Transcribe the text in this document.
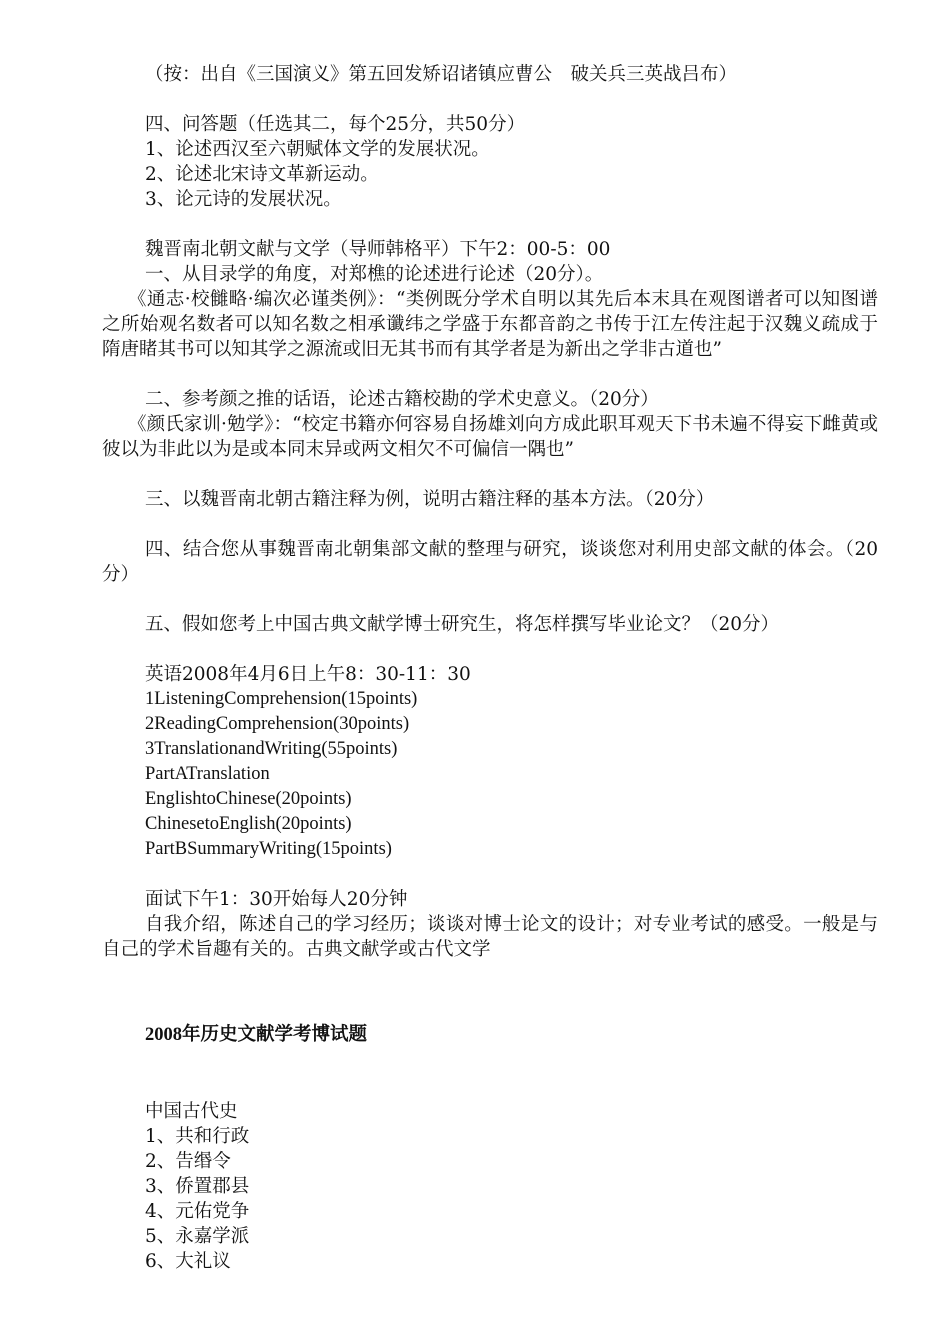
（按：出自《三国演义》第五回发矫诏诸镇应曹公　破关兵三英战吕布）
四、问答题（任选其二，每个25分，共50分）
1、论述西汉至六朝赋体文学的发展状况。
2、论述北宋诗文革新运动。
3、论元诗的发展状况。
魏晋南北朝文献与文学（导师韩格平）下午2：00-5：00
一、从目录学的角度，对郑樵的论述进行论述（20分）。
《通志·校雠略·编次必谨类例》：“类例既分学术自明以其先后本末具在观图谱者可以知图谱之所始观名数者可以知名数之相承谶纬之学盛于东都音韵之书传于江左传注起于汉魏义疏成于隋唐睹其书可以知其学之源流或旧无其书而有其学者是为新出之学非古道也”
二、参考颜之推的话语，论述古籍校勘的学术史意义。（20分）
《颜氏家训·勉学》：“校定书籍亦何容易自扬雄刘向方成此职耳观天下书未遍不得妄下雌黄或彼以为非此以为是或本同末异或两文相欠不可偏信一隅也”
三、以魏晋南北朝古籍注释为例，说明古籍注释的基本方法。（20分）
四、结合您从事魏晋南北朝集部文献的整理与研究，谈谈您对利用史部文献的体会。（20分）
五、假如您考上中国古典文献学博士研究生，将怎样撰写毕业论文？（20分）
英语2008年4月6日上午8：30-11：30
1ListeningComprehension(15points)
2ReadingComprehension(30points)
3TranslationandWriting(55points)
PartATranslation
EnglishtoChinese(20points)
ChinesetoEnglish(20points)
PartBSummaryWriting(15points)
面试下午1：30开始每人20分钟
自我介绍，陈述自己的学习经历；谈谈对博士论文的设计；对专业考试的感受。一般是与自己的学术旨趣有关的。古典文献学或古代文学
2008年历史文献学考博试题
中国古代史
1、共和行政
2、告缗令
3、侨置郡县
4、元佑党争
5、永嘉学派
6、大礼议
